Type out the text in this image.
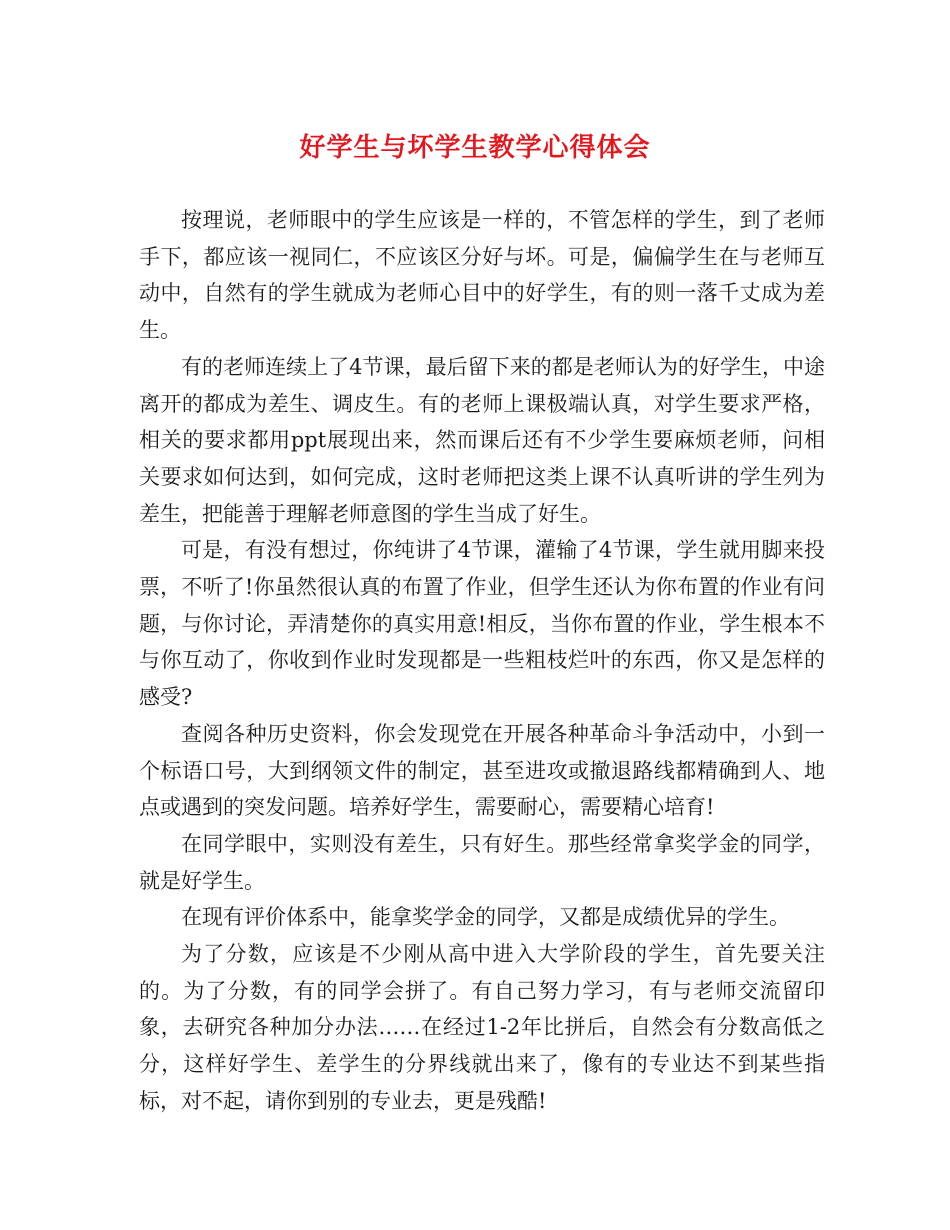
好学生与坏学生教学心得体会

按理说，老师眼中的学生应该是一样的，不管怎样的学生，到了老师手下，都应该一视同仁，不应该区分好与坏。可是，偏偏学生在与老师互动中，自然有的学生就成为老师心目中的好学生，有的则一落千丈成为差生。

有的老师连续上了4节课，最后留下来的都是老师认为的好学生，中途离开的都成为差生、调皮生。有的老师上课极端认真，对学生要求严格，相关的要求都用ppt展现出来，然而课后还有不少学生要麻烦老师，问相关要求如何达到，如何完成，这时老师把这类上课不认真听讲的学生列为差生，把能善于理解老师意图的学生当成了好生。

可是，有没有想过，你纯讲了4节课，灌输了4节课，学生就用脚来投票，不听了!你虽然很认真的布置了作业，但学生还认为你布置的作业有问题，与你讨论，弄清楚你的真实用意!相反，当你布置的作业，学生根本不与你互动了，你收到作业时发现都是一些粗枝烂叶的东西，你又是怎样的感受?

查阅各种历史资料，你会发现党在开展各种革命斗争活动中，小到一个标语口号，大到纲领文件的制定，甚至进攻或撤退路线都精确到人、地点或遇到的突发问题。培养好学生，需要耐心，需要精心培育!

在同学眼中，实则没有差生，只有好生。那些经常拿奖学金的同学，就是好学生。

在现有评价体系中，能拿奖学金的同学，又都是成绩优异的学生。

为了分数，应该是不少刚从高中进入大学阶段的学生，首先要关注的。为了分数，有的同学会拼了。有自己努力学习，有与老师交流留印象，去研究各种加分办法……在经过1-2年比拼后，自然会有分数高低之分，这样好学生、差学生的分界线就出来了，像有的专业达不到某些指标，对不起，请你到别的专业去，更是残酷!
